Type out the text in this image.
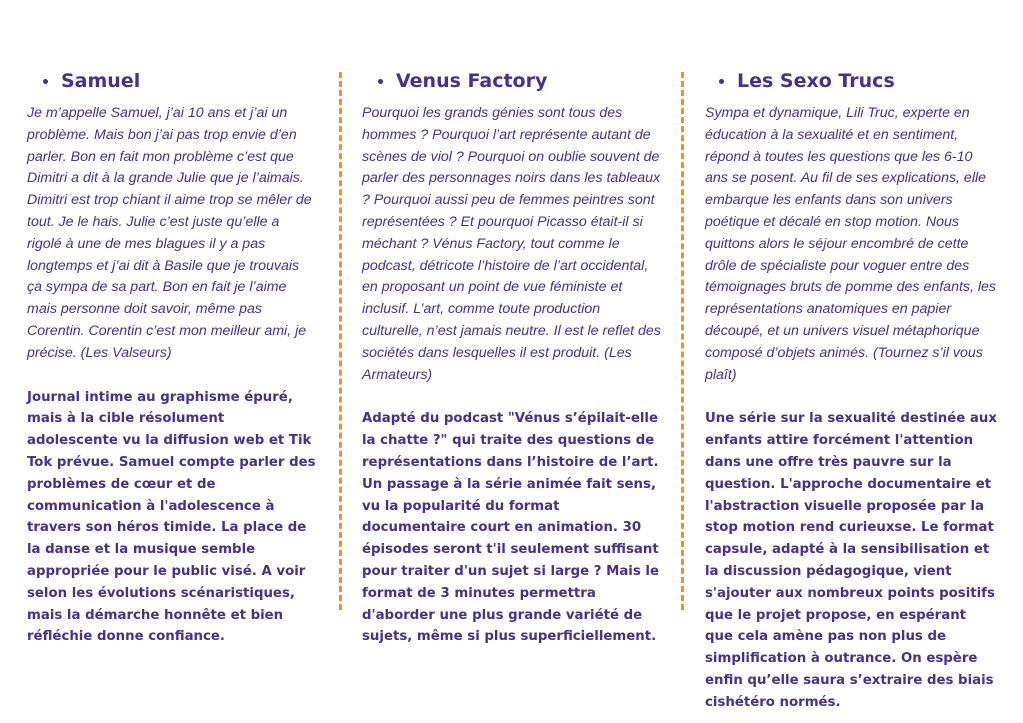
Samuel

Je m’appelle Samuel, j’ai 10 ans et j’ai un problème. Mais bon j’ai pas trop envie d’en parler. Bon en fait mon problème c’est que Dimitri a dit à la grande Julie que je l’aimais. Dimitri est trop chiant il aime trop se mêler de tout. Je le hais. Julie c’est juste qu’elle a rigolé à une de mes blagues il y a pas longtemps et j’ai dit à Basile que je trouvais ça sympa de sa part. Bon en fait je l’aime mais personne doit savoir, même pas Corentin. Corentin c’est mon meilleur ami, je précise. (Les Valseurs)

Journal intime au graphisme épuré, mais à la cible résolument adolescente vu la diffusion web et Tik Tok prévue. Samuel compte parler des problèmes de cœur et de communication à l'adolescence à travers son héros timide. La place de la danse et la musique semble appropriée pour le public visé. A voir selon les évolutions scénaristiques, mais la démarche honnête et bien réfléchie donne confiance.

Venus Factory

Pourquoi les grands génies sont tous des hommes ? Pourquoi l’art représente autant de scènes de viol ? Pourquoi on oublie souvent de parler des personnages noirs dans les tableaux ? Pourquoi aussi peu de femmes peintres sont représentées ? Et pourquoi Picasso était-il si méchant ? Vénus Factory, tout comme le podcast, détricote l’histoire de l’art occidental, en proposant un point de vue féministe et inclusif. L’art, comme toute production culturelle, n’est jamais neutre. Il est le reflet des sociétés dans lesquelles il est produit. (Les Armateurs)

Adapté du podcast "Vénus s’épilait-elle la chatte ?" qui traite des questions de représentations dans l’histoire de l’art. Un passage à la série animée fait sens, vu la popularité du format documentaire court en animation. 30 épisodes seront t'il seulement suffisant pour traiter d'un sujet si large ? Mais le format de 3 minutes permettra d'aborder une plus grande variété de sujets, même si plus superficiellement.

Les Sexo Trucs

Sympa et dynamique, Lili Truc, experte en éducation à la sexualité et en sentiment, répond à toutes les questions que les 6-10 ans se posent. Au fil de ses explications, elle embarque les enfants dans son univers poétique et décalé en stop motion. Nous quittons alors le séjour encombré de cette drôle de spécialiste pour voguer entre des témoignages bruts de pomme des enfants, les représentations anatomiques en papier découpé, et un univers visuel métaphorique composé d’objets animés. (Tournez s’il vous plaît)

Une série sur la sexualité destinée aux enfants attire forcément l'attention dans une offre très pauvre sur la question. L'approche documentaire et l'abstraction visuelle proposée par la stop motion rend curieuxse. Le format capsule, adapté à la sensibilisation et la discussion pédagogique, vient s'ajouter aux nombreux points positifs que le projet propose, en espérant que cela amène pas non plus de simplification à outrance. On espère enfin qu’elle saura s’extraire des biais cishétéro normés.
